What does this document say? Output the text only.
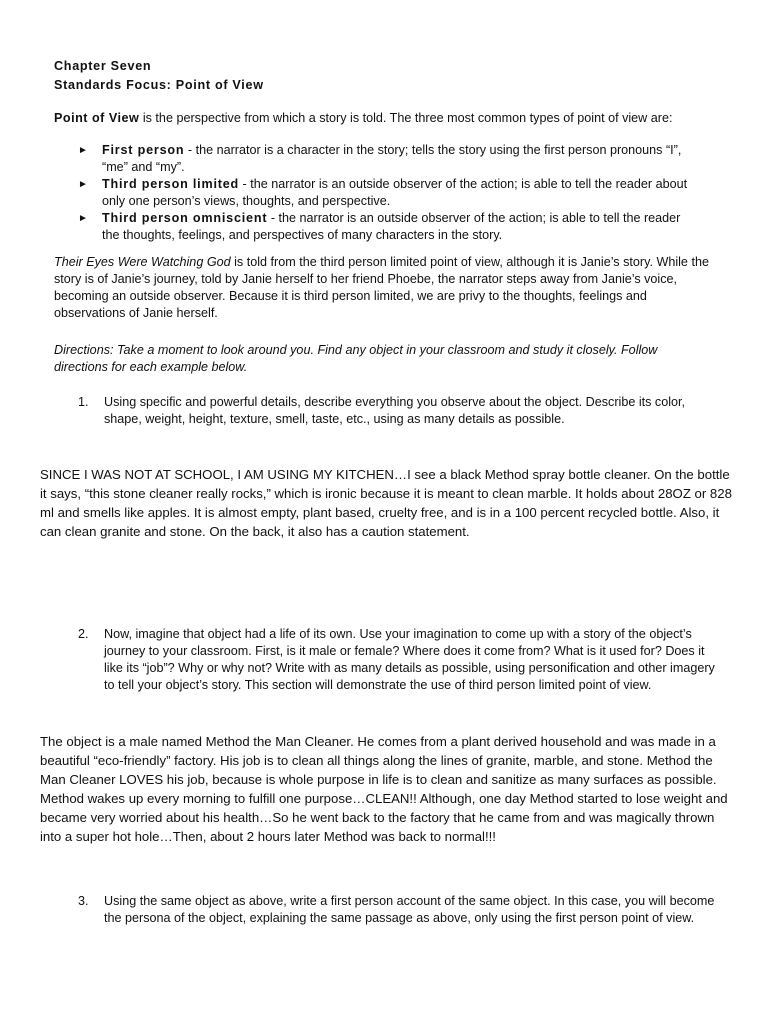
Chapter Seven
Standards Focus: Point of View

Point of View is the perspective from which a story is told. The three most common types of point of view are:

►	First person - the narrator is a character in the story; tells the story using the first person pronouns “I”, “me” and “my”.
►	Third person limited - the narrator is an outside observer of the action; is able to tell the reader about only one person’s views, thoughts, and perspective.
►	Third person omniscient - the narrator is an outside observer of the action; is able to tell the reader the thoughts, feelings, and perspectives of many characters in the story.

Their Eyes Were Watching God is told from the third person limited point of view, although it is Janie’s story. While the story is of Janie’s journey, told by Janie herself to her friend Phoebe, the narrator steps away from Janie’s voice, becoming an outside observer. Because it is third person limited, we are privy to the thoughts, feelings and observations of Janie herself.

Directions: Take a moment to look around you. Find any object in your classroom and study it closely. Follow directions for each example below.

1. Using specific and powerful details, describe everything you observe about the object. Describe its color, shape, weight, height, texture, smell, taste, etc., using as many details as possible.

SINCE I WAS NOT AT SCHOOL, I AM USING MY KITCHEN…I see a black Method spray bottle cleaner. On the bottle it says, “this stone cleaner really rocks,” which is ironic because it is meant to clean marble. It holds about 28OZ or 828 ml and smells like apples. It is almost empty, plant based, cruelty free, and is in a 100 percent recycled bottle. Also, it can clean granite and stone. On the back, it also has a caution statement.

2. Now, imagine that object had a life of its own. Use your imagination to come up with a story of the object’s journey to your classroom. First, is it male or female? Where does it come from? What is it used for? Does it like its “job”? Why or why not? Write with as many details as possible, using personification and other imagery to tell your object’s story. This section will demonstrate the use of third person limited point of view.

The object is a male named Method the Man Cleaner. He comes from a plant derived household and was made in a beautiful “eco-friendly” factory. His job is to clean all things along the lines of granite, marble, and stone. Method the Man Cleaner LOVES his job, because is whole purpose in life is to clean and sanitize as many surfaces as possible. Method wakes up every morning to fulfill one purpose…CLEAN!! Although, one day Method started to lose weight and became very worried about his health…So he went back to the factory that he came from and was magically thrown into a super hot hole…Then, about 2 hours later Method was back to normal!!!

3. Using the same object as above, write a first person account of the same object. In this case, you will become the persona of the object, explaining the same passage as above, only using the first person point of view.
